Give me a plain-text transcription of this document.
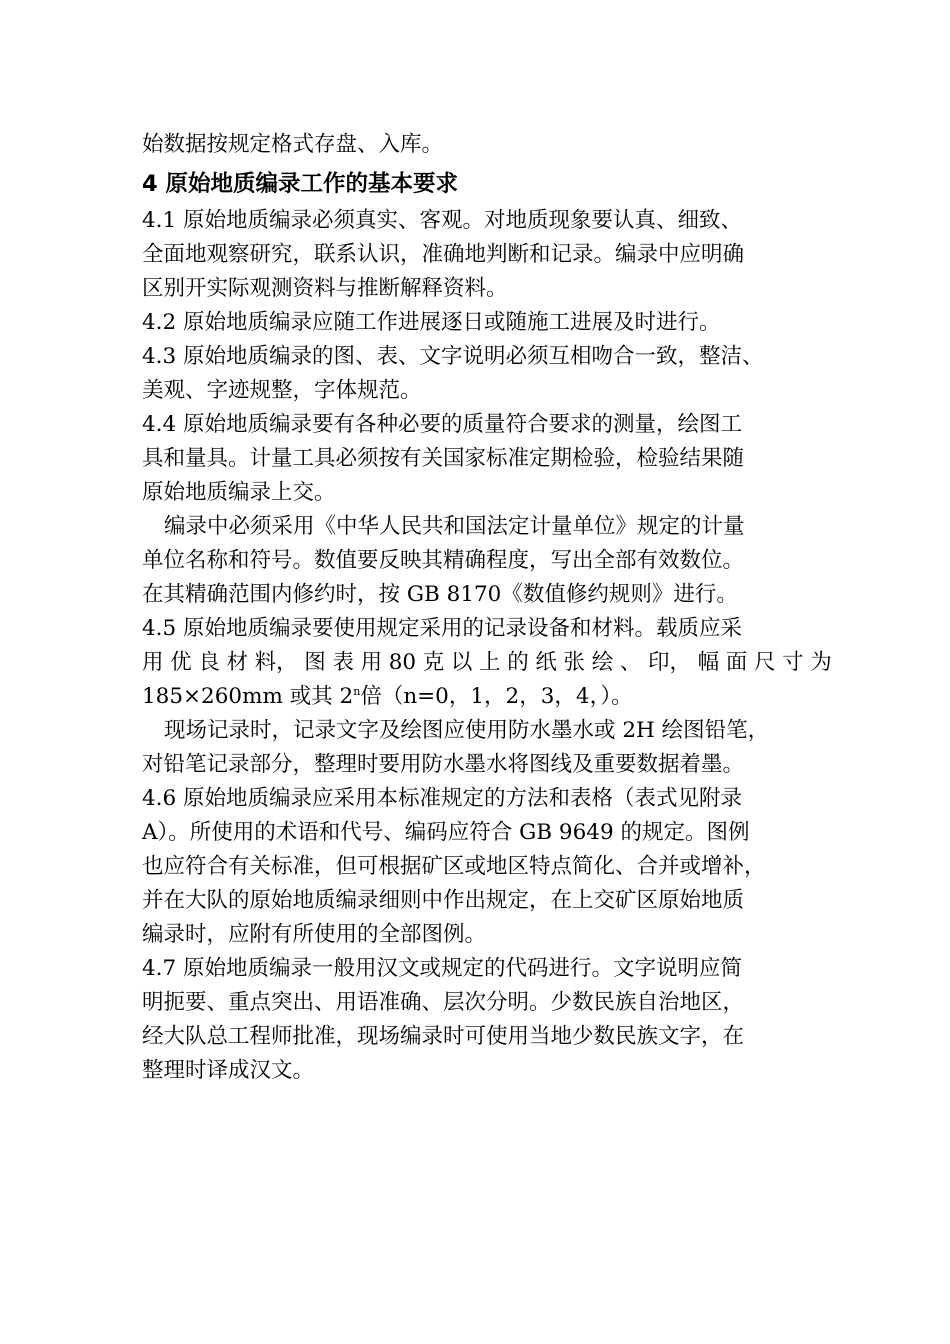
始数据按规定格式存盘、入库。

4 原始地质编录工作的基本要求

4.1 原始地质编录必须真实、客观。对地质现象要认真、细致、

全面地观察研究，联系认识，准确地判断和记录。编录中应明确

区别开实际观测资料与推断解释资料。

4.2 原始地质编录应随工作进展逐日或随施工进展及时进行。

4.3 原始地质编录的图、表、文字说明必须互相吻合一致，整洁、

美观、字迹规整，字体规范。

4.4 原始地质编录要有各种必要的质量符合要求的测量，绘图工

具和量具。计量工具必须按有关国家标准定期检验，检验结果随

原始地质编录上交。

编录中必须采用《中华人民共和国法定计量单位》规定的计量

单位名称和符号。数值要反映其精确程度，写出全部有效数位。

在其精确范围内修约时，按 GB 8170《数值修约规则》进行。

4.5 原始地质编录要使用规定采用的记录设备和材料。载质应采

用 优 良 材 料， 图 表 用 80 克 以 上 的 纸 张 绘 、 印， 幅 面 尺 寸 为

185×260mm 或其 2$^n$倍（n=0，1，2，3，4，）。

现场记录时，记录文字及绘图应使用防水墨水或 2H 绘图铅笔，

对铅笔记录部分，整理时要用防水墨水将图线及重要数据着墨。

4.6 原始地质编录应采用本标准规定的方法和表格（表式见附录

A）。所使用的术语和代号、编码应符合 GB 9649 的规定。图例

也应符合有关标准，但可根据矿区或地区特点简化、合并或增补，

并在大队的原始地质编录细则中作出规定，在上交矿区原始地质

编录时，应附有所使用的全部图例。

4.7 原始地质编录一般用汉文或规定的代码进行。文字说明应简

明扼要、重点突出、用语准确、层次分明。少数民族自治地区，

经大队总工程师批准，现场编录时可使用当地少数民族文字，在

整理时译成汉文。
